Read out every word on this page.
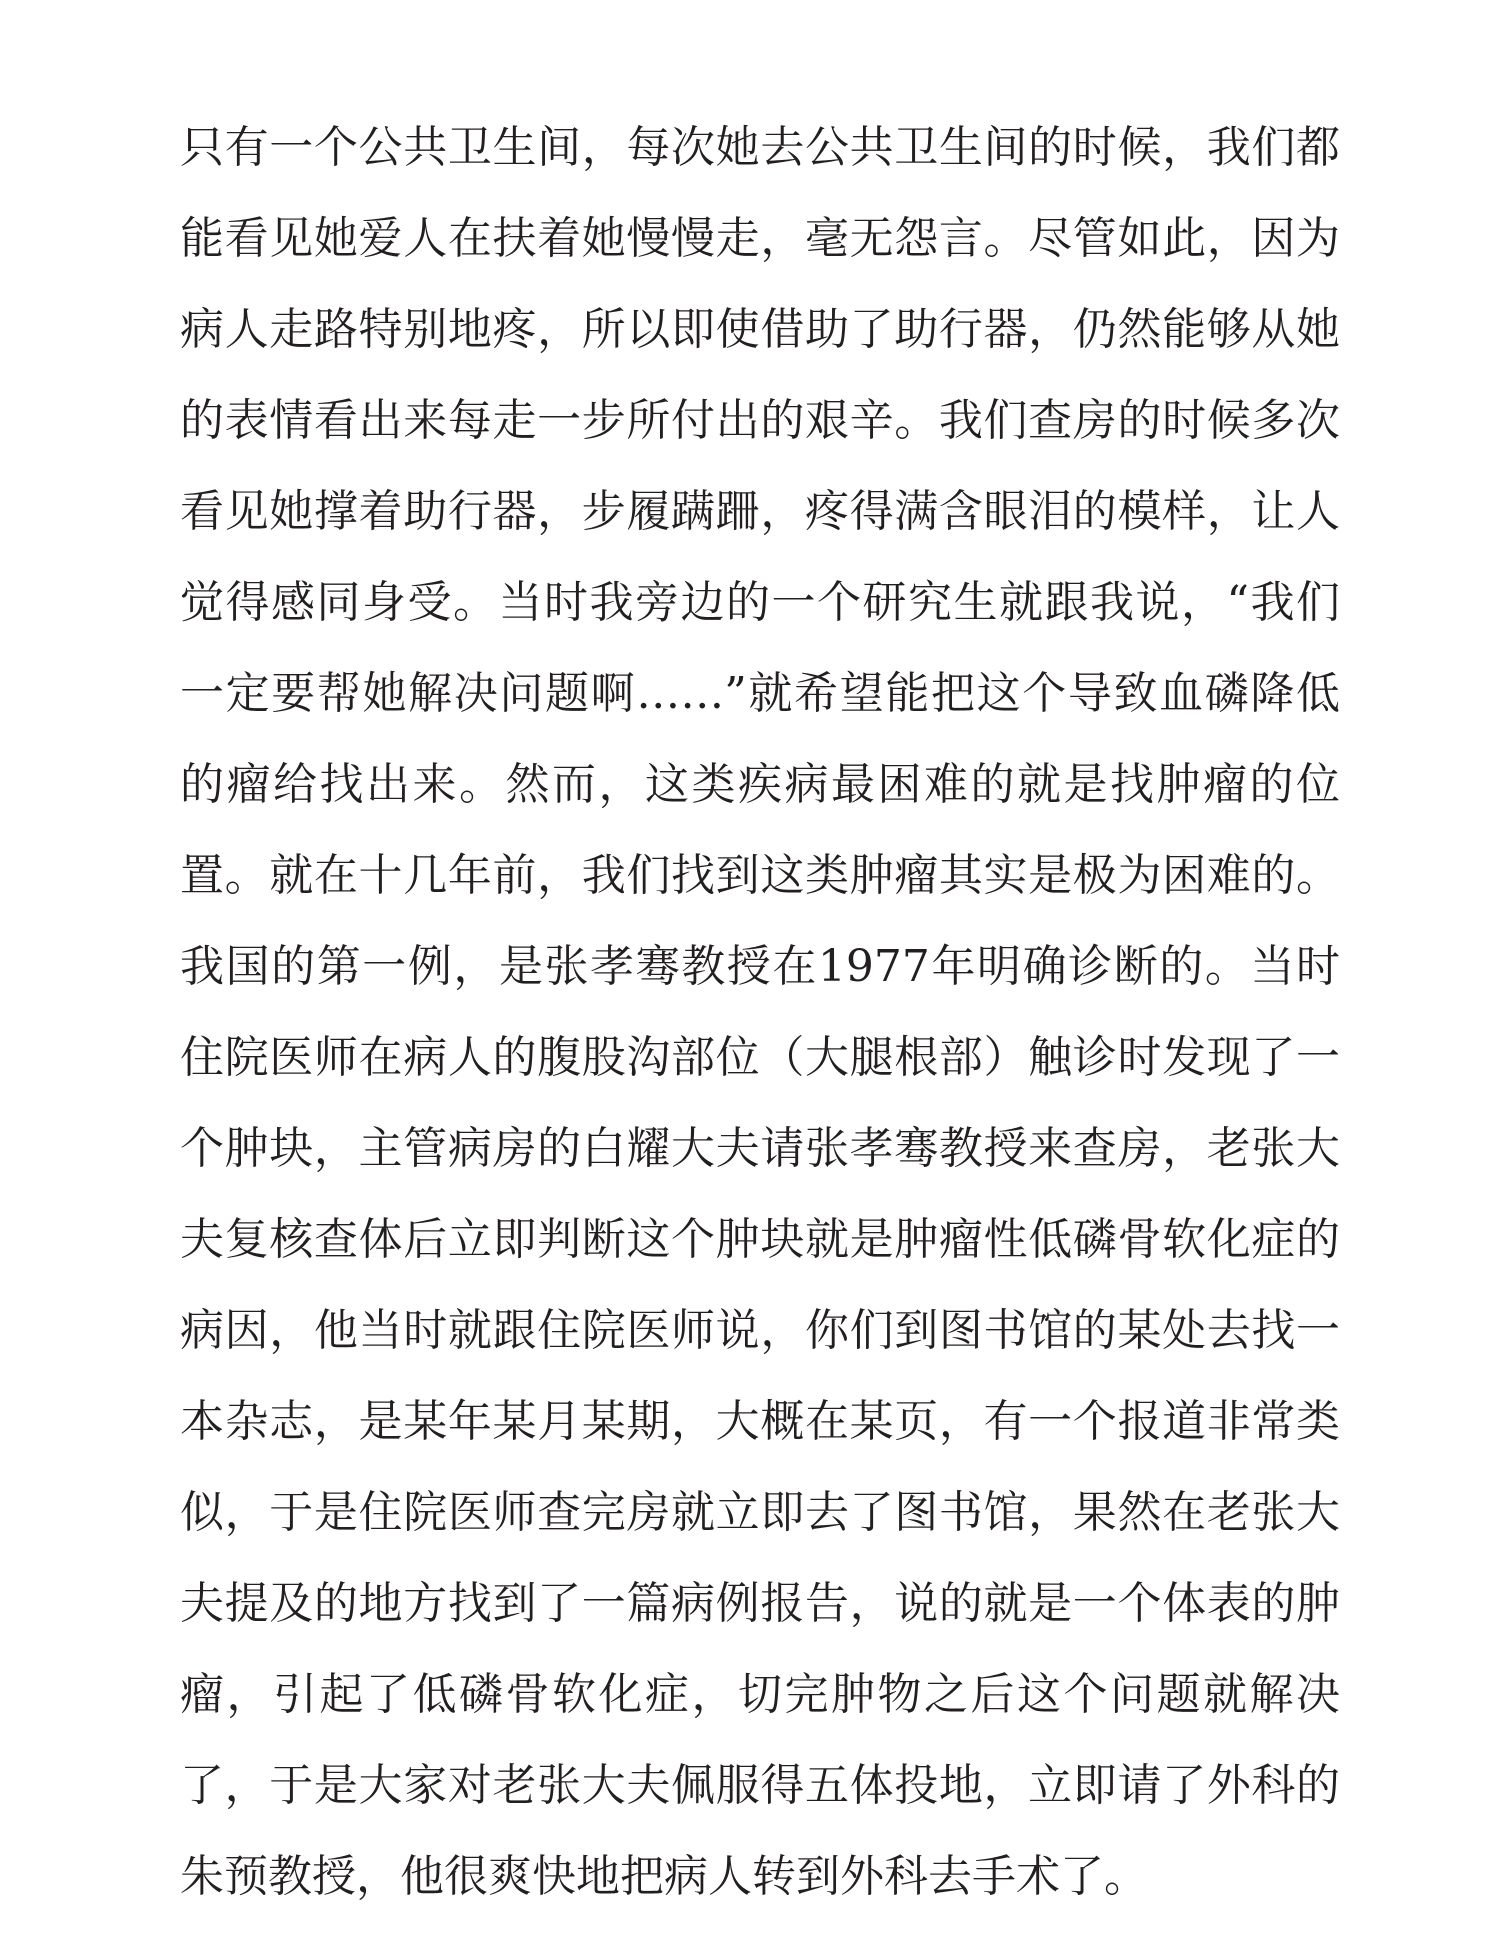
只有一个公共卫生间，每次她去公共卫生间的时候，我们都
能看见她爱人在扶着她慢慢走，毫无怨言。尽管如此，因为
病人走路特别地疼，所以即使借助了助行器，仍然能够从她
的表情看出来每走一步所付出的艰辛。我们查房的时候多次
看见她撑着助行器，步履蹒跚，疼得满含眼泪的模样，让人
觉得感同身受。当时我旁边的一个研究生就跟我说，“我们
一定要帮她解决问题啊……”就希望能把这个导致血磷降低
的瘤给找出来。然而，这类疾病最困难的就是找肿瘤的位
置。就在十几年前，我们找到这类肿瘤其实是极为困难的。
我国的第一例，是张孝骞教授在1977年明确诊断的。当时
住院医师在病人的腹股沟部位（大腿根部）触诊时发现了一
个肿块，主管病房的白耀大夫请张孝骞教授来查房，老张大
夫复核查体后立即判断这个肿块就是肿瘤性低磷骨软化症的
病因，他当时就跟住院医师说，你们到图书馆的某处去找一
本杂志，是某年某月某期，大概在某页，有一个报道非常类
似，于是住院医师查完房就立即去了图书馆，果然在老张大
夫提及的地方找到了一篇病例报告，说的就是一个体表的肿
瘤，引起了低磷骨软化症，切完肿物之后这个问题就解决
了，于是大家对老张大夫佩服得五体投地，立即请了外科的
朱预教授，他很爽快地把病人转到外科去手术了。
